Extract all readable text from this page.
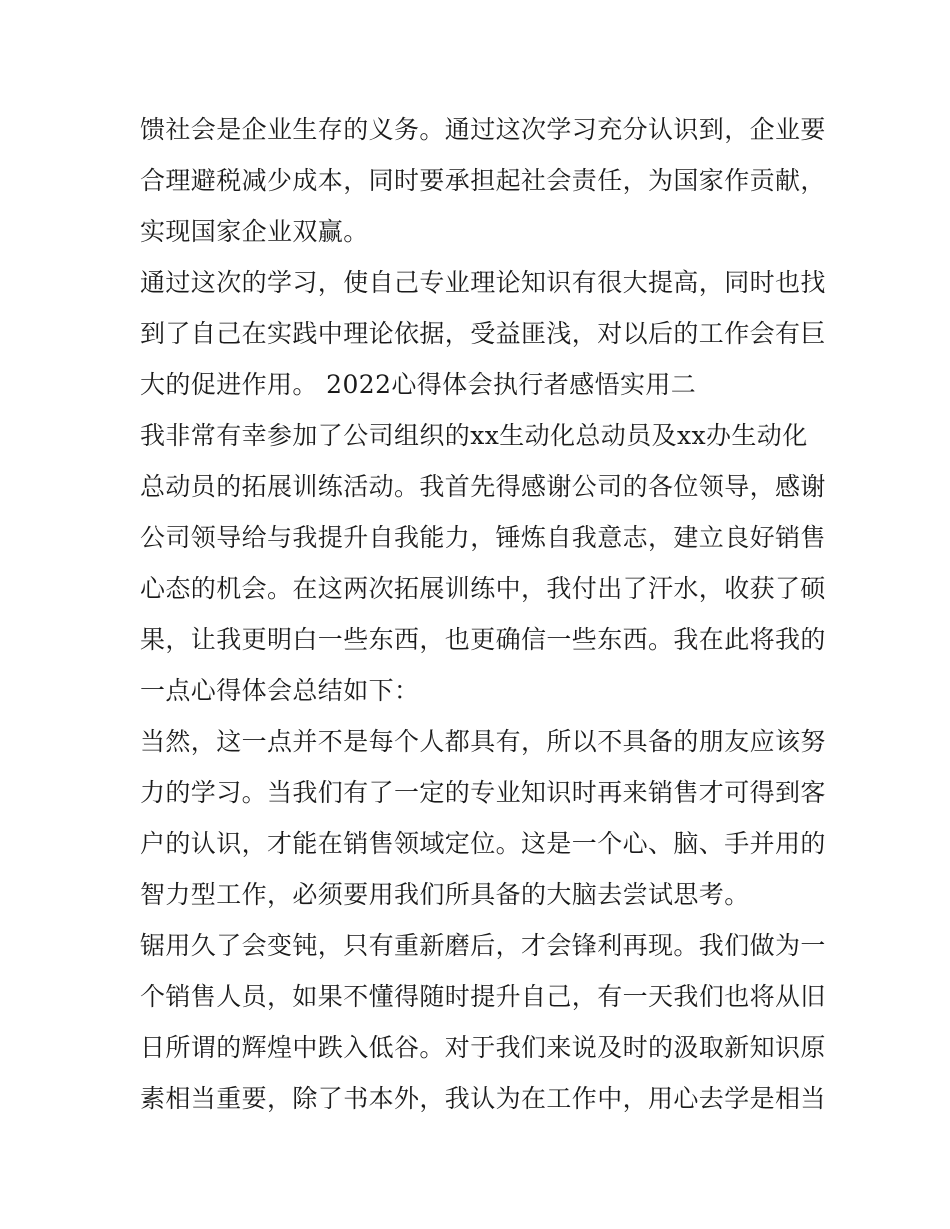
馈社会是企业生存的义务。通过这次学习充分认识到，企业要
合理避税减少成本，同时要承担起社会责任，为国家作贡献，
实现国家企业双赢。
通过这次的学习，使自己专业理论知识有很大提高，同时也找
到了自己在实践中理论依据，受益匪浅，对以后的工作会有巨
大的促进作用。 2022心得体会执行者感悟实用二
我非常有幸参加了公司组织的xx生动化总动员及xx办生动化
总动员的拓展训练活动。我首先得感谢公司的各位领导，感谢
公司领导给与我提升自我能力，锤炼自我意志，建立良好销售
心态的机会。在这两次拓展训练中，我付出了汗水，收获了硕
果，让我更明白一些东西，也更确信一些东西。我在此将我的
一点心得体会总结如下：
当然，这一点并不是每个人都具有，所以不具备的朋友应该努
力的学习。当我们有了一定的专业知识时再来销售才可得到客
户的认识，才能在销售领域定位。这是一个心、脑、手并用的
智力型工作，必须要用我们所具备的大脑去尝试思考。
锯用久了会变钝，只有重新磨后，才会锋利再现。我们做为一
个销售人员，如果不懂得随时提升自己，有一天我们也将从旧
日所谓的辉煌中跌入低谷。对于我们来说及时的汲取新知识原
素相当重要，除了书本外，我认为在工作中，用心去学是相当
